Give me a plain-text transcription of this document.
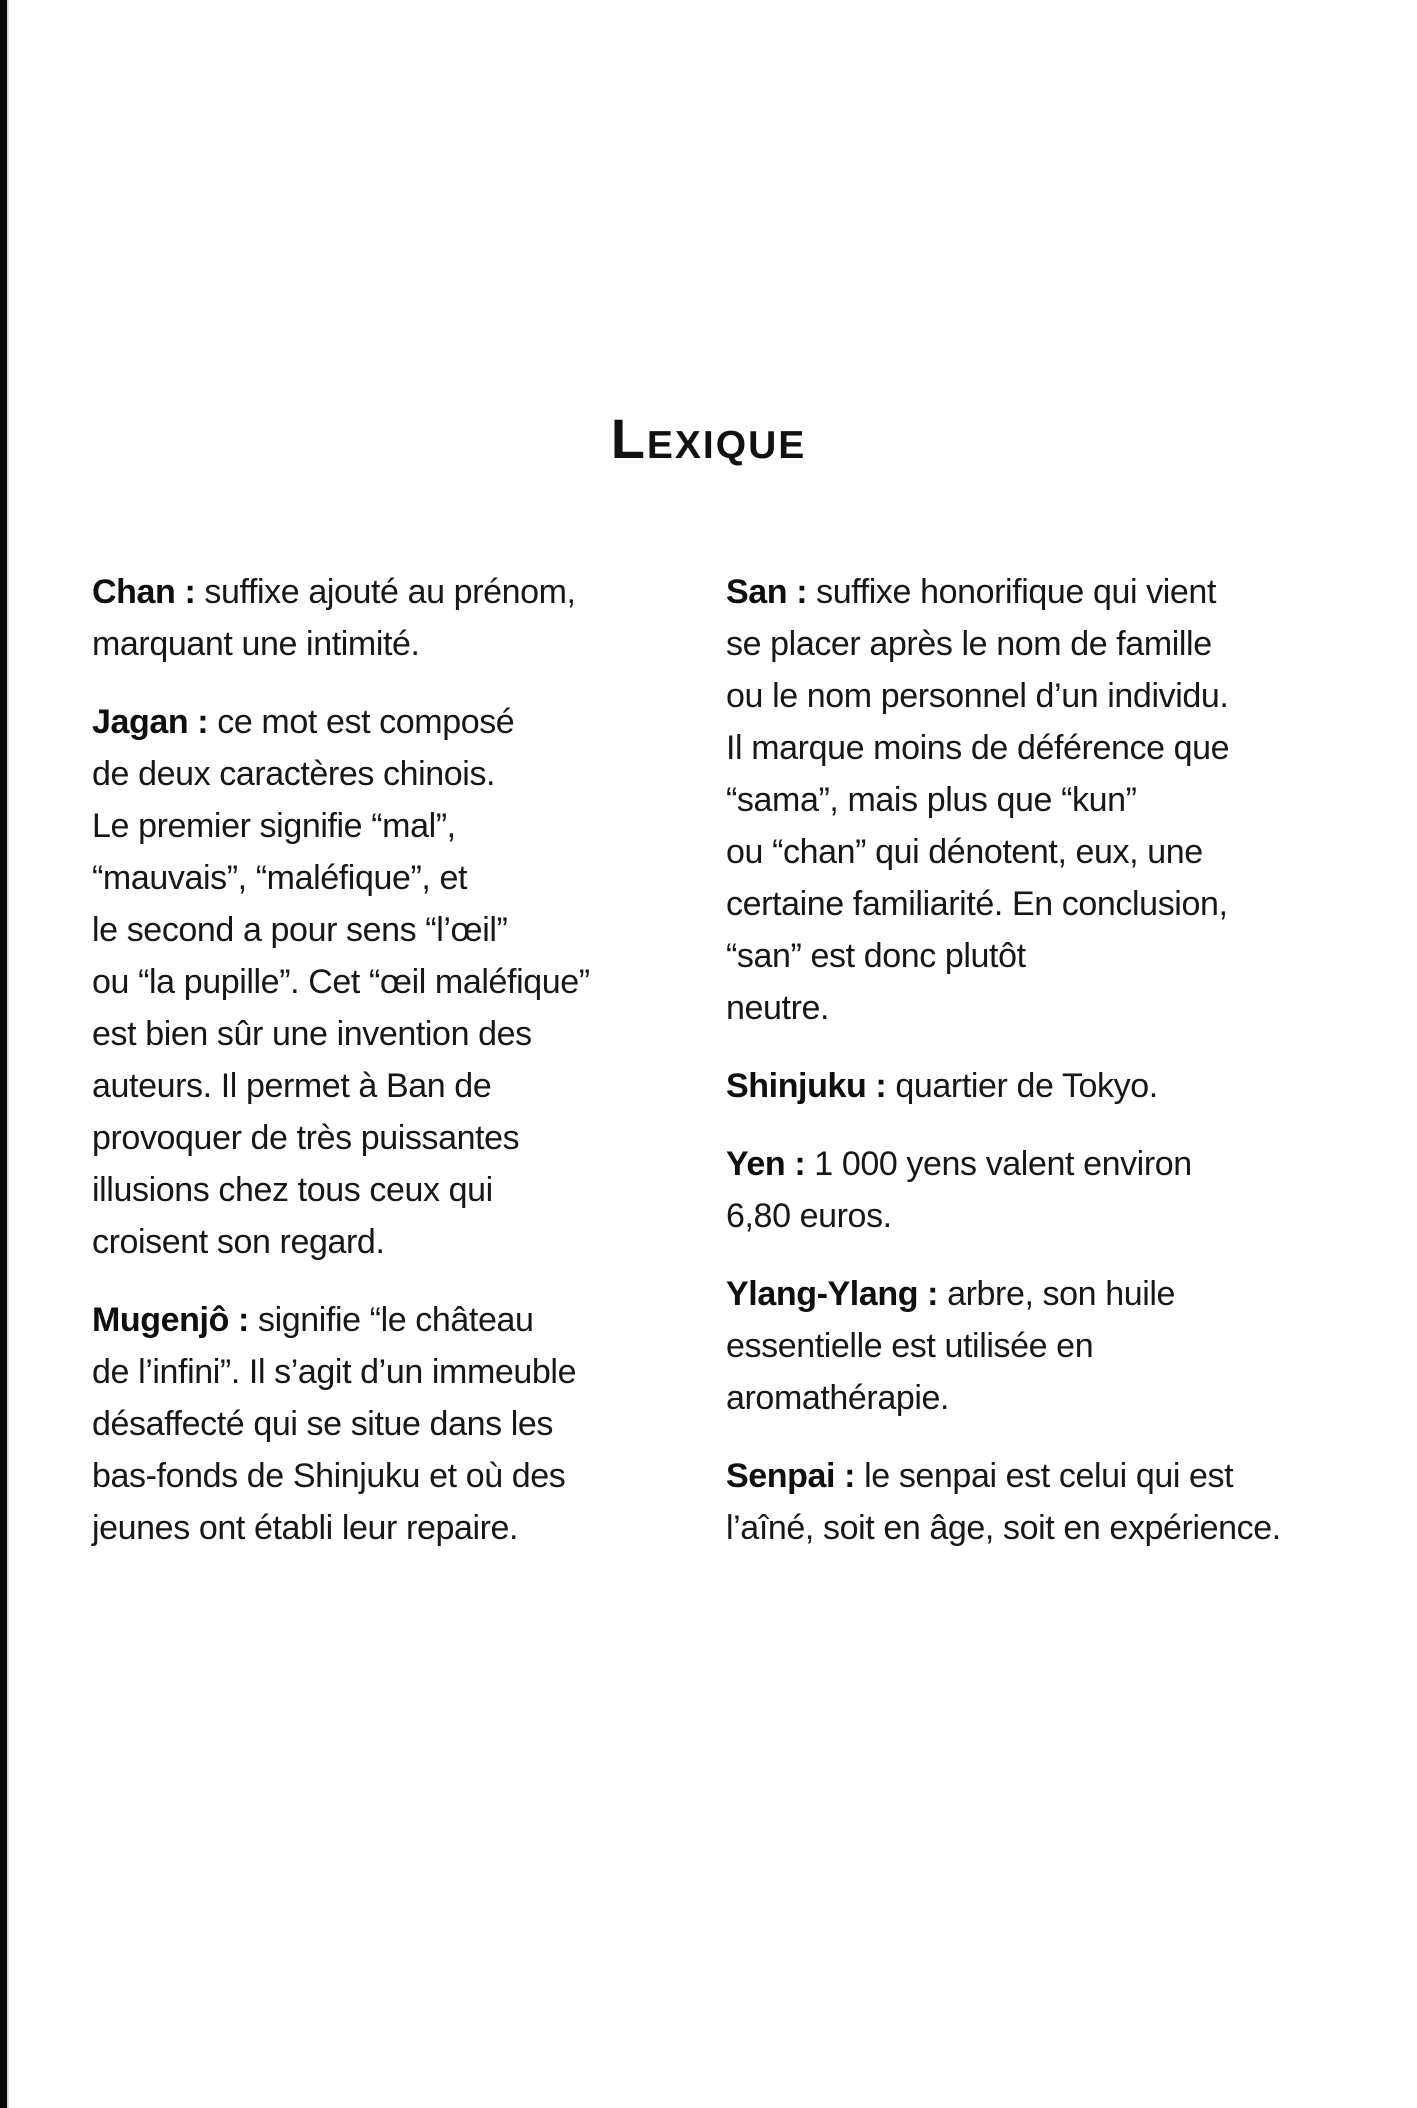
Lexique

Chan : suffixe ajouté au prénom,
marquant une intimité.

Jagan : ce mot est composé
de deux caractères chinois.
Le premier signifie “mal”,
“mauvais”, “maléfique”, et
le second a pour sens “l’œil”
ou “la pupille”. Cet “œil maléfique”
est bien sûr une invention des
auteurs. Il permet à Ban de
provoquer de très puissantes
illusions chez tous ceux qui
croisent son regard.

Mugenjô : signifie “le château
de l’infini”. Il s’agit d’un immeuble
désaffecté qui se situe dans les
bas-fonds de Shinjuku et où des
jeunes ont établi leur repaire.

San : suffixe honorifique qui vient
se placer après le nom de famille
ou le nom personnel d’un individu.
Il marque moins de déférence que
“sama”, mais plus que “kun”
ou “chan” qui dénotent, eux, une
certaine familiarité. En conclusion,
“san” est donc plutôt
neutre.

Shinjuku : quartier de Tokyo.

Yen : 1 000 yens valent environ
6,80 euros.

Ylang-Ylang : arbre, son huile
essentielle est utilisée en
aromathérapie.

Senpai : le senpai est celui qui est
l’aîné, soit en âge, soit en expérience.
